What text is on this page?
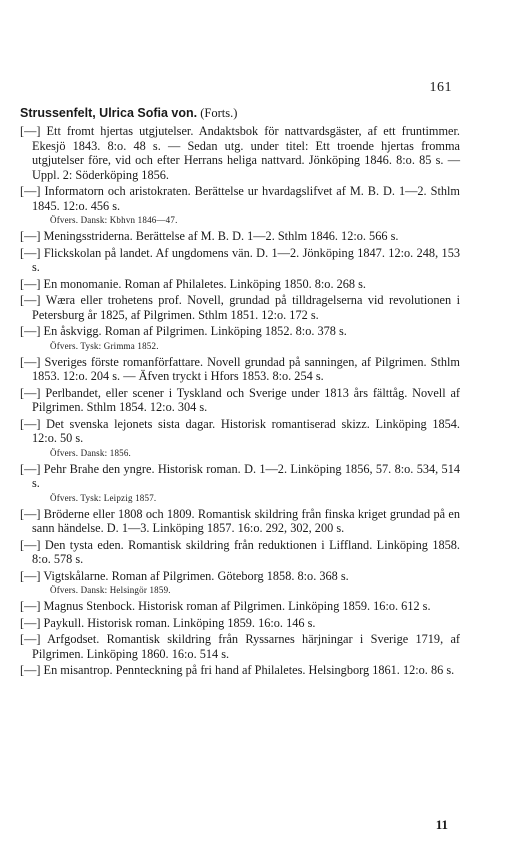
161
Strussenfelt, Ulrica Sofia von. (Forts.)

[—] Ett fromt hjertas utgjutelser. Andaktsbok för nattvardsgäster, af ett fruntimmer. Ekesjö 1843. 8:o. 48 s. — Sedan utg. under titel: Ett troende hjertas fromma utgjutelser före, vid och efter Herrans heliga nattvard. Jönköping 1846. 8:o. 85 s. — Uppl. 2: Söderköping 1856.

[—] Informatorn och aristokraten. Berättelse ur hvardagslifvet af M. B. D. 1—2. Sthlm 1845. 12:o. 456 s.

Öfvers. Dansk: Kbhvn 1846—47.

[—] Meningsstriderna. Berättelse af M. B. D. 1—2. Sthlm 1846. 12:o. 566 s.

[—] Flickskolan på landet. Af ungdomens vän. D. 1—2. Jönköping 1847. 12:o. 248, 153 s.

[—] En monomanie. Roman af Philaletes. Linköping 1850. 8:o. 268 s.

[—] Wæra eller trohetens prof. Novell, grundad på tilldragelserna vid revolutionen i Petersburg år 1825, af Pilgrimen. Sthlm 1851. 12:o. 172 s.

[—] En åskvigg. Roman af Pilgrimen. Linköping 1852. 8:o. 378 s.

Öfvers. Tysk: Grimma 1852.

[—] Sveriges förste romanförfattare. Novell grundad på sanningen, af Pilgrimen. Sthlm 1853. 12:o. 204 s. — Äfven tryckt i Hfors 1853. 8:o. 254 s.

[—] Perlbandet, eller scener i Tyskland och Sverige under 1813 års fälttåg. Novell af Pilgrimen. Sthlm 1854. 12:o. 304 s.

[—] Det svenska lejonets sista dagar. Historisk romantiserad skizz. Linköping 1854. 12:o. 50 s.

Öfvers. Dansk: 1856.

[—] Pehr Brahe den yngre. Historisk roman. D. 1—2. Linköping 1856, 57. 8:o. 534, 514 s.

Öfvers. Tysk: Leipzig 1857.

[—] Bröderne eller 1808 och 1809. Romantisk skildring från finska kriget grundad på en sann händelse. D. 1—3. Linköping 1857. 16:o. 292, 302, 200 s.

[—] Den tysta eden. Romantisk skildring från reduktionen i Liffland. Linköping 1858. 8:o. 578 s.

[—] Vigtskålarne. Roman af Pilgrimen. Göteborg 1858. 8:o. 368 s.

Öfvers. Dansk: Helsingör 1859.

[—] Magnus Stenbock. Historisk roman af Pilgrimen. Linköping 1859. 16:o. 612 s.

[—] Paykull. Historisk roman. Linköping 1859. 16:o. 146 s.

[—] Arfgodset. Romantisk skildring från Ryssarnes härjningar i Sverige 1719, af Pilgrimen. Linköping 1860. 16:o. 514 s.

[—] En misantrop. Pennteckning på fri hand af Philaletes. Helsingborg 1861. 12:o. 86 s.

11
